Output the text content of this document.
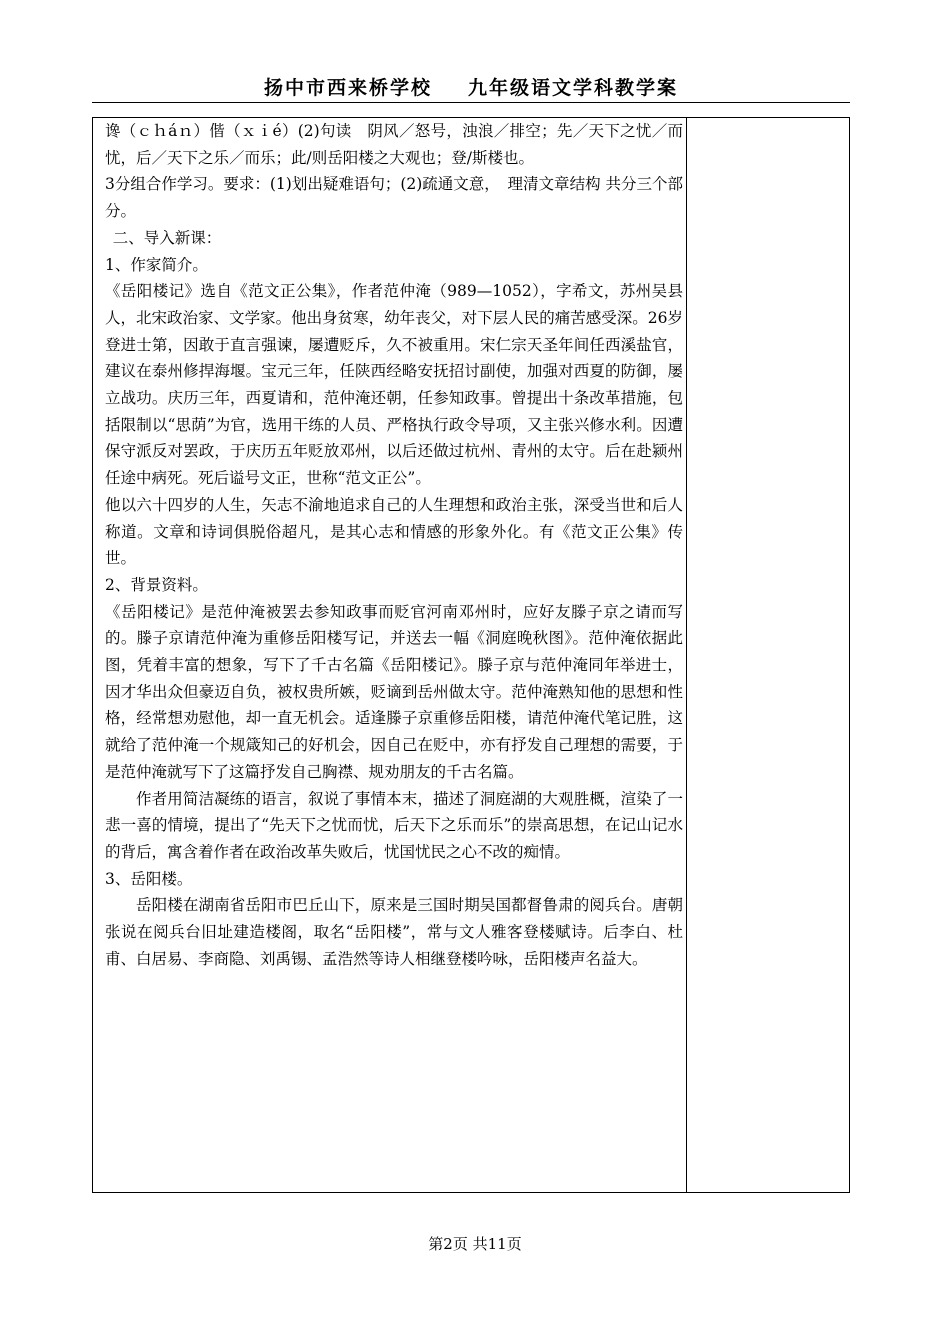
扬中市西来桥学校 九年级语文学科教学案

谗（ｃｈáｎ）偕（ｘｉé）(2)句读　阴风／怒号，浊浪／排空；先／天下之忧／而忧，后／天下之乐／而乐；此/则岳阳楼之大观也；登/斯楼也。

3分组合作学习。要求：(1)划出疑难语句；(2)疏通文意，　理清文章结构 共分三个部分。

二、导入新课：

1、作家简介。

《岳阳楼记》选自《范文正公集》，作者范仲淹（989—1052），字希文，苏州吴县人，北宋政治家、文学家。他出身贫寒，幼年丧父，对下层人民的痛苦感受深。26岁登进士第，因敢于直言强谏，屡遭贬斥，久不被重用。宋仁宗天圣年间任西溪盐官，建议在泰州修捍海堰。宝元三年，任陕西经略安抚招讨副使，加强对西夏的防御，屡立战功。庆历三年，西夏请和，范仲淹还朝，任参知政事。曾提出十条改革措施，包括限制以“思荫”为官，选用干练的人员、严格执行政令导项，又主张兴修水利。因遭保守派反对罢政，于庆历五年贬放邓州，以后还做过杭州、青州的太守。后在赴颍州任途中病死。死后谥号文正，世称“范文正公”。

他以六十四岁的人生，矢志不渝地追求自己的人生理想和政治主张，深受当世和后人称道。文章和诗词俱脱俗超凡，是其心志和情感的形象外化。有《范文正公集》传世。

2、背景资料。

《岳阳楼记》是范仲淹被罢去参知政事而贬官河南邓州时，应好友滕子京之请而写的。滕子京请范仲淹为重修岳阳楼写记，并送去一幅《洞庭晚秋图》。范仲淹依据此图，凭着丰富的想象，写下了千古名篇《岳阳楼记》。滕子京与范仲淹同年举进士，因才华出众但豪迈自负，被权贵所嫉，贬谪到岳州做太守。范仲淹熟知他的思想和性格，经常想劝慰他，却一直无机会。适逢滕子京重修岳阳楼，请范仲淹代笔记胜，这就给了范仲淹一个规箴知己的好机会，因自己在贬中，亦有抒发自己理想的需要，于是范仲淹就写下了这篇抒发自己胸襟、规劝朋友的千古名篇。

作者用简洁凝练的语言，叙说了事情本末，描述了洞庭湖的大观胜概，渲染了一悲一喜的情境，提出了“先天下之忧而忧，后天下之乐而乐”的崇高思想，在记山记水的背后，寓含着作者在政治改革失败后，忧国忧民之心不改的痴情。

3、岳阳楼。

岳阳楼在湖南省岳阳市巴丘山下，原来是三国时期吴国都督鲁肃的阅兵台。唐朝张说在阅兵台旧址建造楼阁，取名“岳阳楼”，常与文人雅客登楼赋诗。后李白、杜甫、白居易、李商隐、刘禹锡、孟浩然等诗人相继登楼吟咏，岳阳楼声名益大。

第2页 共11页
